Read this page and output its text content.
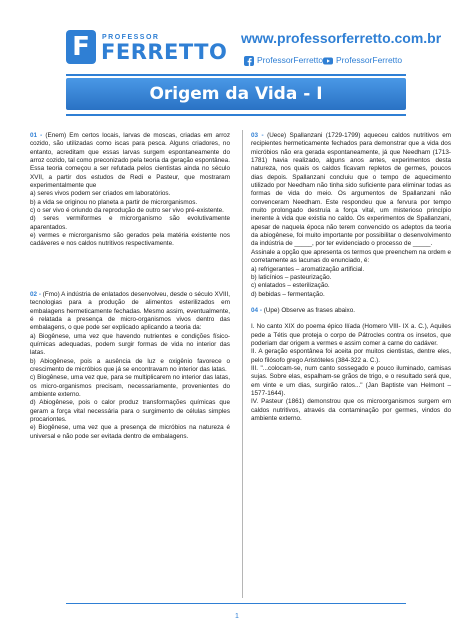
F	PROFESSOR
FERRETTO
www.professorferretto.com.br
ProfessorFerretto	ProfessorFerretto
Origem da Vida - I

01 - (Enem) Em certos locais, larvas de moscas, criadas em arroz cozido, são utilizadas como iscas para pesca. Alguns criadores, no entanto, acreditam que essas larvas surgem espontaneamente do arroz cozido, tal como preconizado pela teoria da geração espontânea.

Essa teoria começou a ser refutada pelos cientistas ainda no século XVII, a partir dos estudos de Redi e Pasteur, que mostraram experimentalmente que

a) seres vivos podem ser criados em laboratórios.

b) a vida se originou no planeta a partir de microrganismos.

c) o ser vivo é oriundo da reprodução de outro ser vivo pré-existente.

d) seres vermiformes e microrganismo são evolutivamente aparentados.

e) vermes e microrganismo são gerados pela matéria existente nos cadáveres e nos caldos nutritivos respectivamente.

02 - (Fmo) A indústria de enlatados desenvolveu, desde o século XVIII, tecnologias para a produção de alimentos esterilizados em embalagens hermeticamente fechadas. Mesmo assim, eventualmente, é relatada a presença de micro-organismos vivos dentro das embalagens, o que pode ser explicado aplicando a teoria da:

a) Biogênese, uma vez que havendo nutrientes e condições físico-químicas adequadas, podem surgir formas de vida no interior das latas.

b) Abiogênese, pois a ausência de luz e oxigênio favorece o crescimento de micróbios que já se encontravam no interior das latas.

c) Biogênese, uma vez que, para se multiplicarem no interior das latas, os micro-organismos precisam, necessariamente, provenientes do ambiente externo.

d) Abiogênese, pois o calor produz transformações químicas que geram a força vital necessária para o surgimento de células simples procariontes.

e) Biogênese, uma vez que a presença de micróbios na natureza é universal e não pode ser evitada dentro de embalagens.

03 - (Uece) Spallanzani (1729-1799) aqueceu caldos nutritivos em recipientes hermeticamente fechados para demonstrar que a vida dos micróbios não era gerada espontaneamente, já que Needham (1713-1781) havia realizado, alguns anos antes, experimentos desta natureza, nos quais os caldos ficavam repletos de germes, poucos dias depois. Spallanzani concluiu que o tempo de aquecimento utilizado por Needham não tinha sido suficiente para eliminar todas as formas de vida do meio. Os argumentos de Spallanzani não convenceram Needham. Este respondeu que a fervura por tempo muito prolongado destruía a força vital, um misterioso princípio inerente à vida que existia no caldo. Os experimentos de Spallanzani, apesar de naquela época não terem convencido os adeptos da teoria da abiogênese, foi muito importante por possibilitar o desenvolvimento da indústria de _____, por ter evidenciado o processo de _____.

Assinale a opção que apresenta os termos que preenchem na ordem e corretamente as lacunas do enunciado, é:

a) refrigerantes – aromatização artificial.

b) laticínios – pasteurização.

c) enlatados – esterilização.

d) bebidas – fermentação.

04 - (Upe) Observe as frases abaixo.

I. No canto XIX do poema épico Ilíada (Homero VIII- IX a. C.), Aquiles pede a Tétis que proteja o corpo de Pátrocles contra os insetos, que poderiam dar origem a vermes e assim comer a carne do cadáver.

II. A geração espontânea foi aceita por muitos cientistas, dentre eles, pelo filósofo grego Aristóteles (384-322 a. C.).

III. "...colocam-se, num canto sossegado e pouco iluminado, camisas sujas. Sobre elas, espalham-se grãos de trigo, e o resultado será que, em vinte e um dias, surgirão ratos..." (Jan Baptiste van Helmont – 1577-1644).

IV. Pasteur (1861) demonstrou que os microorganismos surgem em caldos nutritivos, através da contaminação por germes, vindos do ambiente externo.

1
